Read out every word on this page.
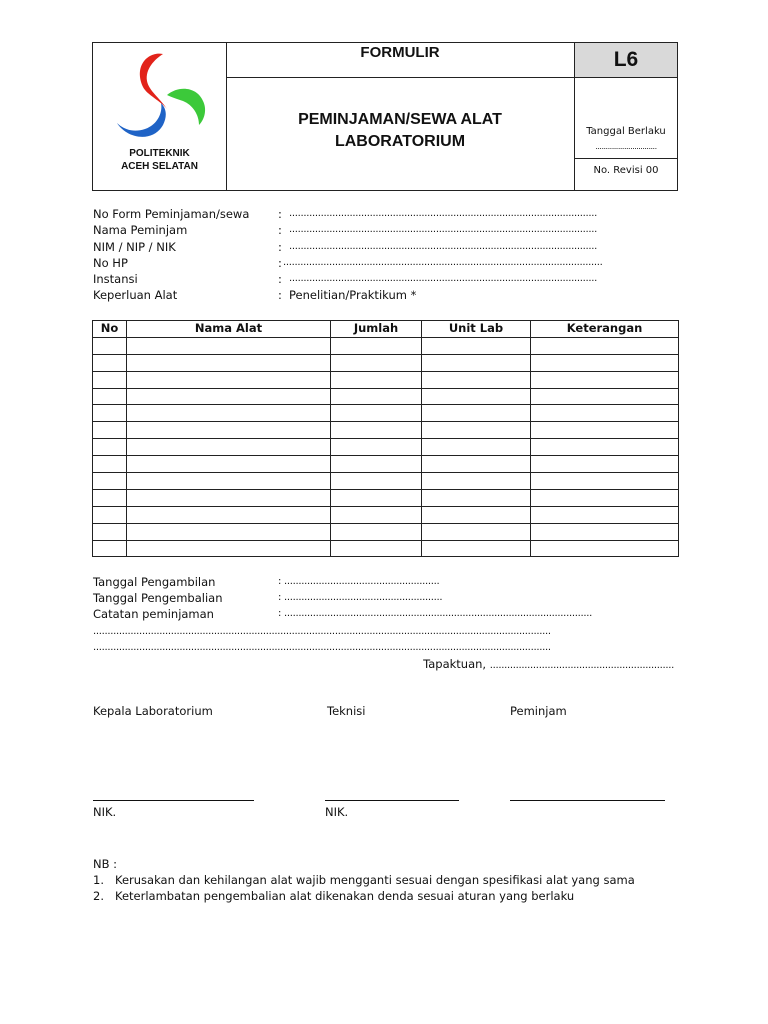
POLITEKNIK
ACEH SELATAN
FORMULIR	L6
PEMINJAMAN/SEWA ALAT
LABORATORIUM
Tanggal Berlaku
..............................
No. Revisi 00
No Form Peminjaman/sewa : ...........................................................................................................
Nama Peminjam	: ...........................................................................................................
NIM / NIP / NIK	: ...........................................................................................................
No HP	: ...............................................................................................................
Instansi	: ...........................................................................................................
Keperluan Alat	: Penelitian/Praktikum *
No	Nama Alat	Jumlah	Unit Lab	Keterangan

Tanggal Pengambilan	: ......................................................
Tanggal Pengembalian	: .......................................................
Catatan peminjaman	: ...........................................................................................................
...............................................................................................................................................................
...............................................................................................................................................................
Tapaktuan, ................................................................
Kepala Laboratorium	Teknisi	Peminjam
NIK.	NIK.
NB :
1. Kerusakan dan kehilangan alat wajib mengganti sesuai dengan spesifikasi alat yang sama
2. Keterlambatan pengembalian alat dikenakan denda sesuai aturan yang berlaku
